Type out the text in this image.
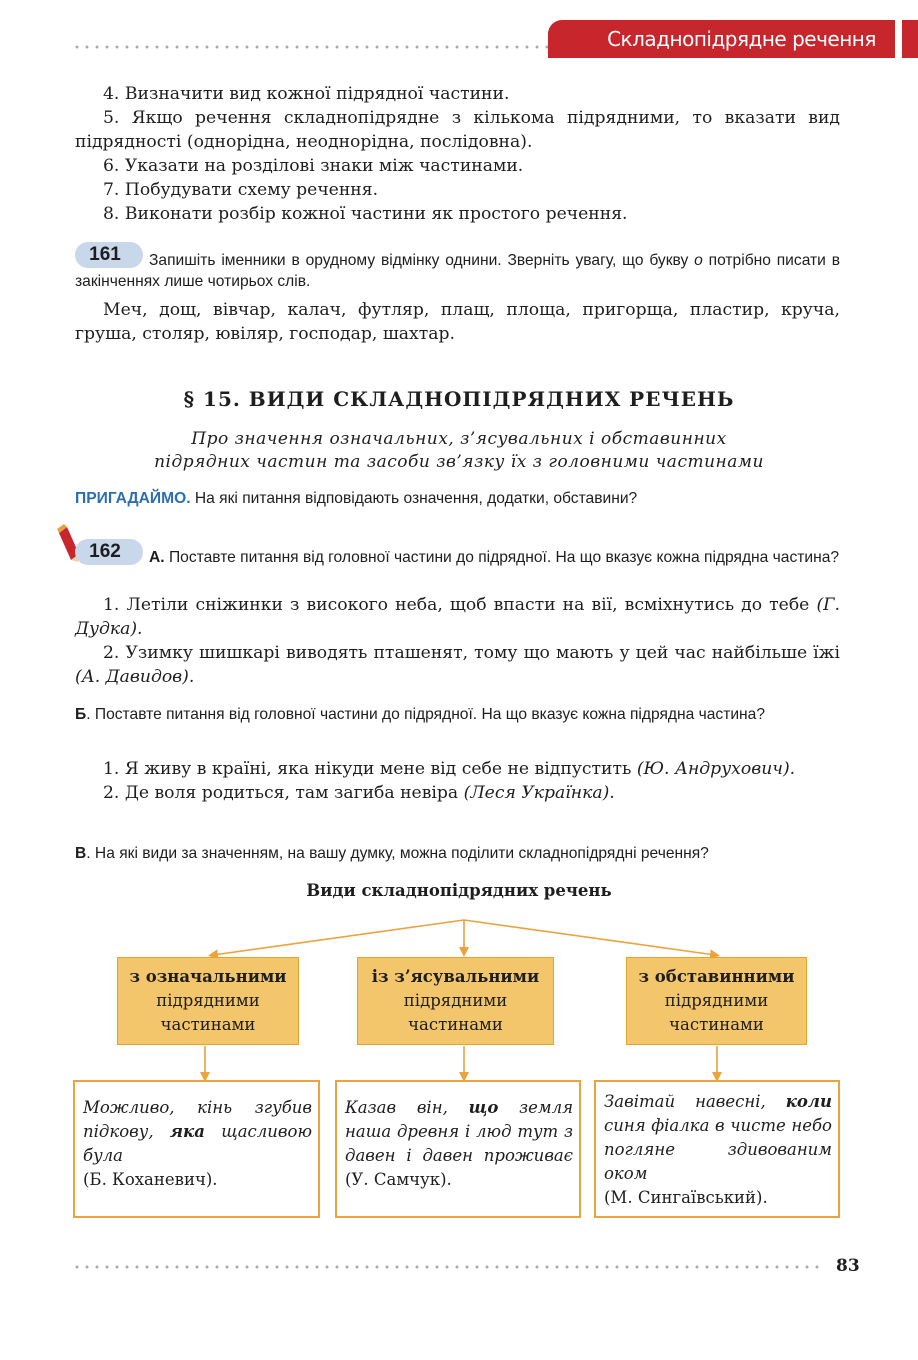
Складнопідрядне речення

4. Визначити вид кожної підрядної частини.

5. Якщо речення складнопідрядне з кількома підрядними, то вказати вид підрядності (однорідна, неоднорідна, послідовна).

6. Указати на розділові знаки між частинами.

7. Побудувати схему речення.

8. Виконати розбір кожної частини як простого речення.

161	Запишіть іменники в орудному відмінку однини. Зверніть увагу, що букву о потрібно писати в закінченнях лише чотирьох слів.

Меч, дощ, вівчар, калач, футляр, плащ, площа, пригорща, пластир, круча, груша, столяр, ювіляр, господар, шахтар.

§ 15. ВИДИ СКЛАДНОПІДРЯДНИХ РЕЧЕНЬ
Про значення означальних, з’ясувальних і обставинних
підрядних частин та засоби зв’язку їх з головними частинами
ПРИГАДАЙМО. На які питання відповідають означення, додатки, обставини?
162	А. Поставте питання від головної частини до підрядної. На що вказує кожна підрядна частина?

1. Летіли сніжинки з високого неба, щоб впасти на вії, всміхнутись до тебе (Г. Дудка).

2. Узимку шишкарі виводять пташенят, тому що мають у цей час найбільше їжі (А. Давидов).

Б. Поставте питання від головної частини до підрядної. На що вказує кожна підрядна частина?

1. Я живу в країні, яка нікуди мене від себе не відпустить (Ю. Андрухович).

2. Де воля родиться, там загиба невіра (Леся Українка).

В. На які види за значенням, на вашу думку, можна поділити складнопідрядні речення?
Види складнопідрядних речень
з означальними
підрядними
частинами
із з’ясувальними
підрядними
частинами
з обставинними
підрядними
частинами
Можливо, кінь згубив підкову, яка щасливою була
(Б. Коханевич).
Казав він, що земля наша древня і люд тут з давен і давен проживає (У. Самчук).
Завітай навесні, коли синя фіалка в чисте небо погляне здивованим оком
(М. Сингаївський).
83
